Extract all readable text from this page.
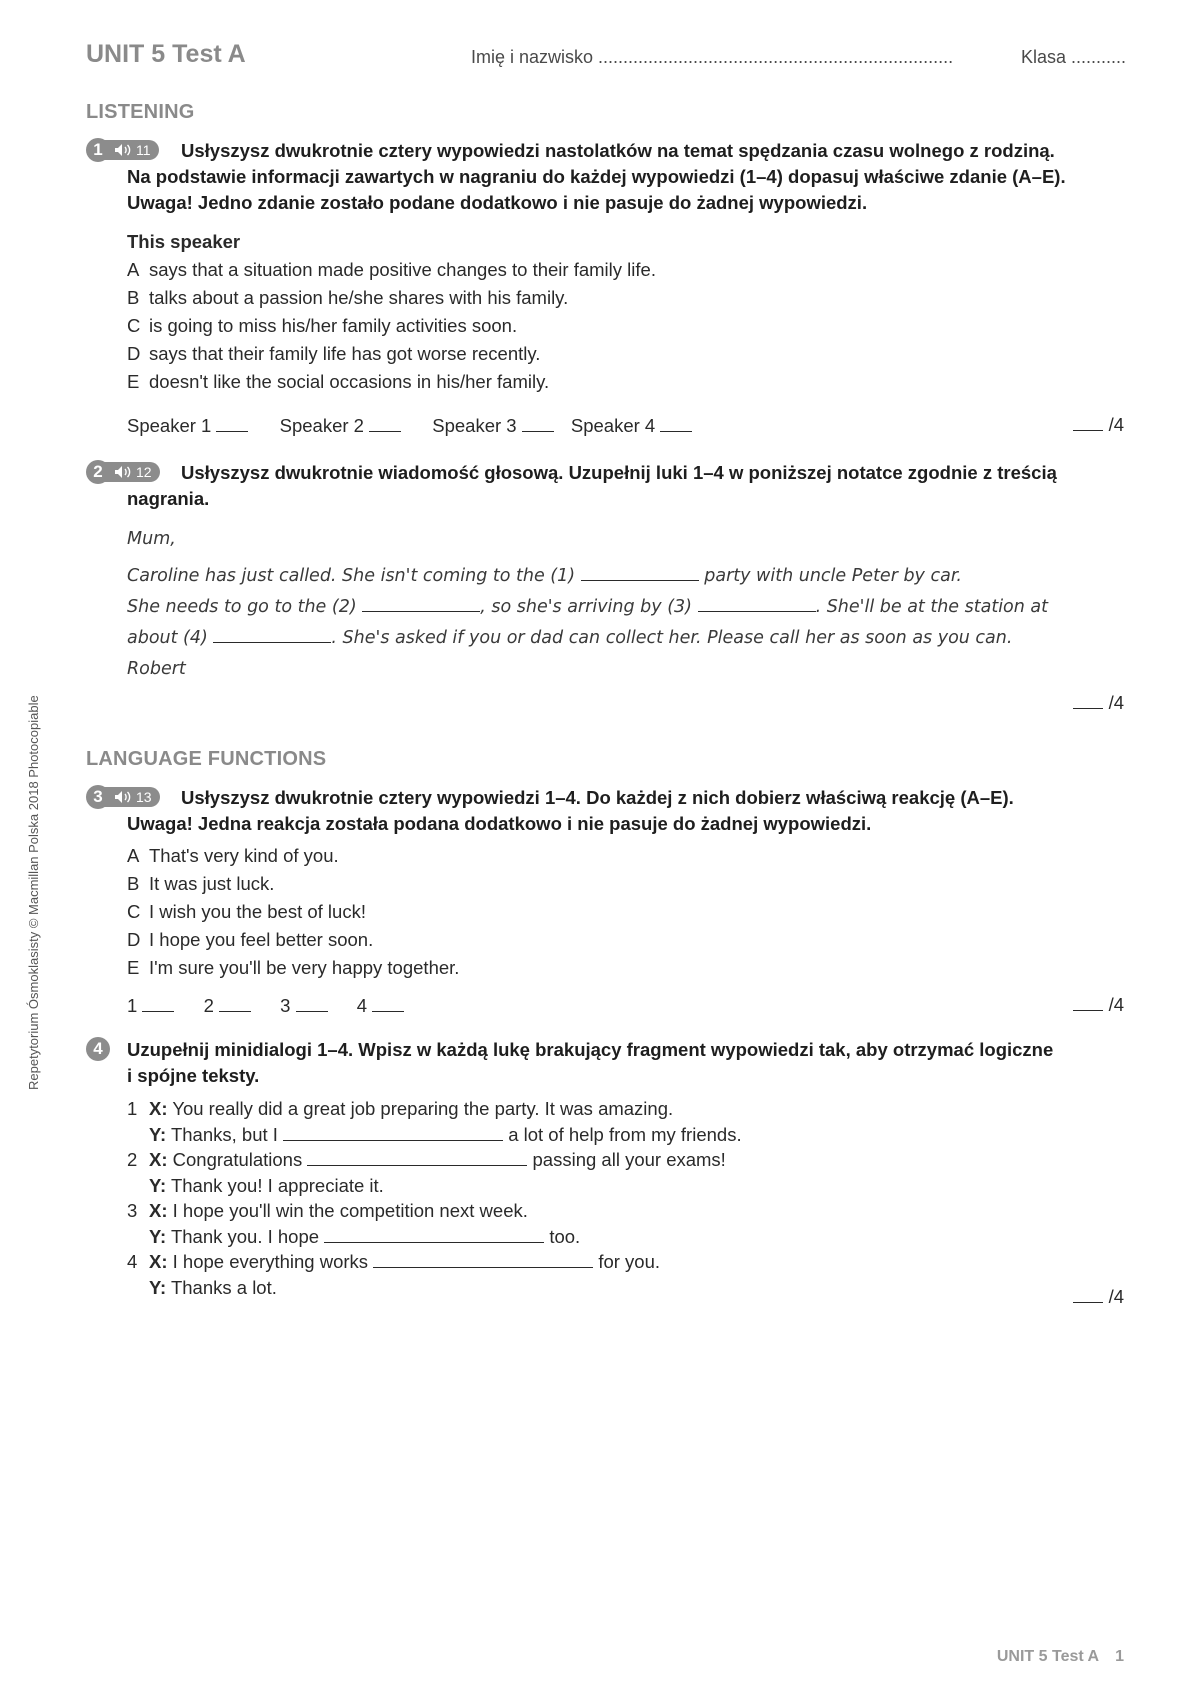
UNIT 5 Test A	Imię i nazwisko .......................................................................	Klasa ...........
Repetytorium Ósmoklasisty © Macmillan Polska 2018 Photocopiable
LISTENING
1	11	Usłyszysz dwukrotnie cztery wypowiedzi nastolatków na temat spędzania czasu wolnego z rodziną.
Na podstawie informacji zawartych w nagraniu do każdej wypowiedzi (1–4) dopasuj właściwe zdanie (A–E).
Uwaga! Jedno zdanie zostało podane dodatkowo i nie pasuje do żadnej wypowiedzi.
This speaker
A says that a situation made positive changes to their family life.
B talks about a passion he/she shares with his family.
C is going to miss his/her family activities soon.
D says that their family life has got worse recently.
E doesn't like the social occasions in his/her family.
Speaker 1	Speaker 2	Speaker 3	Speaker 4	/4
2	12	Usłyszysz dwukrotnie wiadomość głosową. Uzupełnij luki 1–4 w poniższej notatce zgodnie z treścią
nagrania.
Mum,
Caroline has just called. She isn't coming to the (1)	party with uncle Peter by car.
She needs to go to the (2)	, so she's arriving by (3)	. She'll be at the station at
about (4)	. She's asked if you or dad can collect her. Please call her as soon as you can.
Robert
/4
LANGUAGE FUNCTIONS
3	13	Usłyszysz dwukrotnie cztery wypowiedzi 1–4. Do każdej z nich dobierz właściwą reakcję (A–E).
Uwaga! Jedna reakcja została podana dodatkowo i nie pasuje do żadnej wypowiedzi.
A That's very kind of you.
B It was just luck.
C I wish you the best of luck!
D I hope you feel better soon.
E I'm sure you'll be very happy together.
1	2	3	4	/4
4	Uzupełnij minidialogi 1–4. Wpisz w każdą lukę brakujący fragment wypowiedzi tak, aby otrzymać logiczne
i spójne teksty.
1 X: You really did a great job preparing the party. It was amazing.
Y: Thanks, but I	a lot of help from my friends.
2 X: Congratulations	passing all your exams!
Y: Thank you! I appreciate it.
3 X: I hope you'll win the competition next week.
Y: Thank you. I hope	too.
4 X: I hope everything works	for you.
Y: Thanks a lot.	/4
UNIT 5 Test A 1
